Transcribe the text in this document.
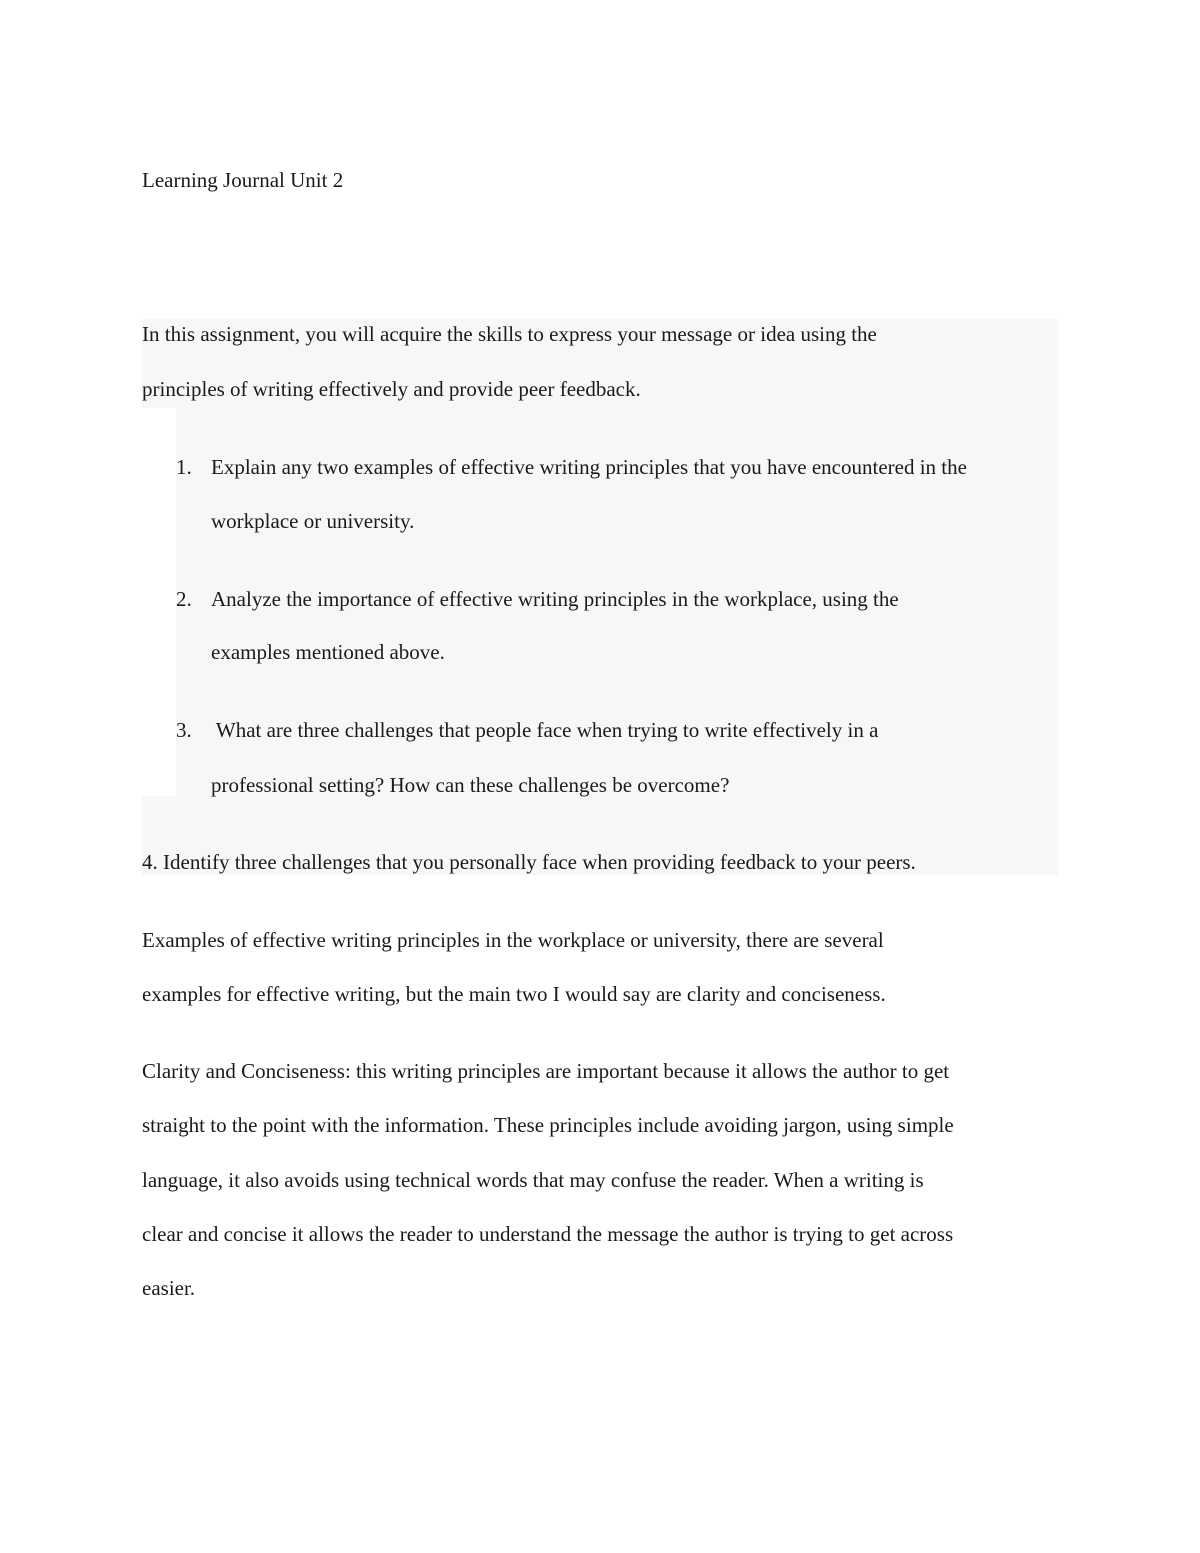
Learning Journal Unit 2

In this assignment, you will acquire the skills to express your message or idea using the

principles of writing effectively and provide peer feedback.

1. Explain any two examples of effective writing principles that you have encountered in the

workplace or university.

2. Analyze the importance of effective writing principles in the workplace, using the

examples mentioned above.

3. What are three challenges that people face when trying to write effectively in a

professional setting? How can these challenges be overcome?

4. Identify three challenges that you personally face when providing feedback to your peers.

Examples of effective writing principles in the workplace or university, there are several

examples for effective writing, but the main two I would say are clarity and conciseness.

Clarity and Conciseness: this writing principles are important because it allows the author to get

straight to the point with the information. These principles include avoiding jargon, using simple

language, it also avoids using technical words that may confuse the reader. When a writing is

clear and concise it allows the reader to understand the message the author is trying to get across

easier.
